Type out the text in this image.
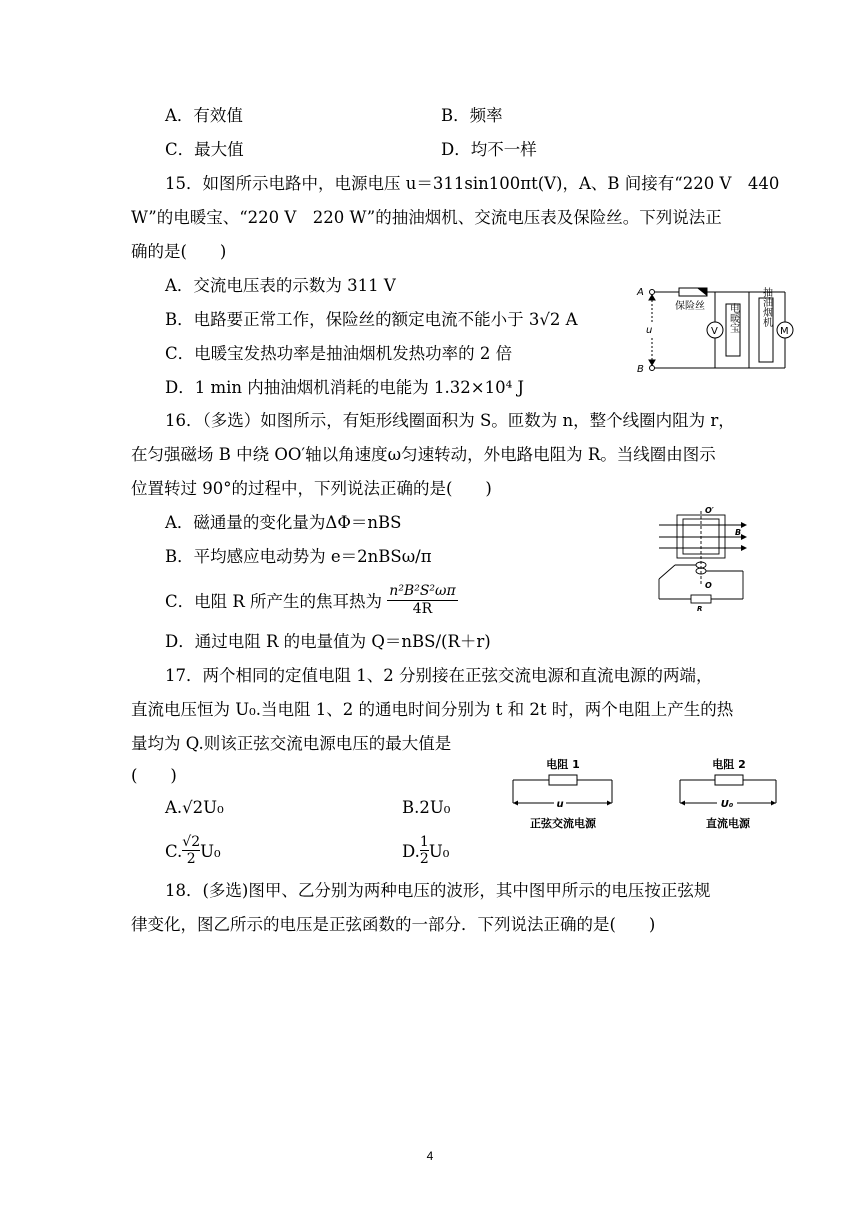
A．有效值	B．频率
C．最大值	D．均不一样
15．如图所示电路中，电源电压 u＝311sin100πt(V)，A、B 间接有“220 V　440
W”的电暖宝、“220 V　220 W”的抽油烟机、交流电压表及保险丝。下列说法正
确的是(　　)
A．交流电压表的示数为 311 V
B．电路要正常工作，保险丝的额定电流不能小于 3√2 A
C．电暖宝发热功率是抽油烟机发热功率的 2 倍
D．1 min 内抽油烟机消耗的电能为 1.32×10⁴ J
A
B
u
保险丝
V	M
电暖宝 抽油烟机
16．（多选）如图所示，有矩形线圈面积为 S。匝数为 n，整个线圈内阻为 r，
在匀强磁场 B 中绕 OO′轴以角速度ω匀速转动，外电路电阻为 R。当线圈由图示
位置转过 90°的过程中，下列说法正确的是(　　)
A．磁通量的变化量为ΔΦ＝nBS
B．平均感应电动势为 e＝2nBSω/π
C．电阻 R 所产生的焦耳热为 $\frac{\text{n²B²S²ωπ}}{4R}$
D．通过电阻 R 的电量值为 Q＝nBS/(R＋r)
O′
B
O
R
17．两个相同的定值电阻 1、2 分别接在正弦交流电源和直流电源的两端，
直流电压恒为 U₀.当电阻 1、2 的通电时间分别为 t 和 2t 时，两个电阻上产生的热
量均为 Q.则该正弦交流电源电压的最大值是
(　　)
A.√2U₀	B.2U₀
C. $\frac{√2}{2} U_0$	D. $\frac{1}{2} U_0$
电阻 1
u
正弦交流电源
电阻 2
U₀
直流电源
18．(多选)图甲、乙分别为两种电压的波形，其中图甲所示的电压按正弦规
律变化，图乙所示的电压是正弦函数的一部分．下列说法正确的是(　　)
4
